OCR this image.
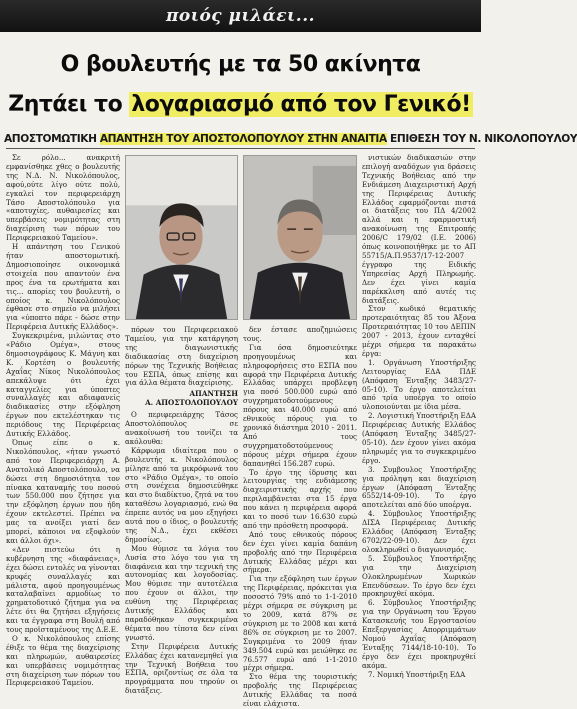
ποιός μιλάει...
Ο βουλευτής με τα 50 ακίνητα
Ζητάει το λογαριασμό από τον Γενικό!
ΑΠΟΣΤΟΜΩΤΙΚΗ ΑΠΑΝΤΗΣΗ ΤΟΥ ΑΠΟΣΤΟΛΟΠΟΥΛΟΥ ΣΤΗΝ ΑΝΑΙΤΙΑ ΕΠΙΘΕΣΗ ΤΟΥ Ν. ΝΙΚΟΛΟΠΟΥΛΟΥ

Σε ρόλο... ανακριτή εμφανίσθηκε χθες ο βουλευτής της Ν.Δ. Ν. Νικολόπουλος, αφού,ούτε λίγο ούτε πολύ, εγκαλεί τον περιφερειάρχη Τάσο Αποστολόπουλο για «αποτυχίες, αυθαιρεσίες και υπερβάσεις νομιμότητας στη διαχείριση των πόρων του Περιφερειακού Ταμείου».

Η απάντηση του Γενικού ήταν αποστομωτική. Δημοσιοποίησε οικονομικά στοιχεία που απαντούν ένα προς ένα τα ερωτήματα και τις... απορίες του βουλευτή, ο οποίος κ. Νικολόπουλος έφθασε στο σημείο να μιλήσει για «ύποπτο πάρε - δώσε στην Περιφέρεια Δυτικής Ελλάδος».

Συγκεκριμένα, μιλώντας στο «Ράδιο Ομέγα», στους δημοσιογράφους Κ. Μάγνη και Κ. Κορτέση ο βουλευτής Αχαΐας Νίκος Νικολόπουλος απεκάλυψε ότι έχει καταγγελίες για ύποπτες συναλλαγές και αδιαφανείς διαδικασίες στην εξόφληση έργων που εκτελέστηκαν τις περιόδους της Περιφέρειας Δυτικής Ελλάδος.

Όπως είπε ο κ. Νικολόπουλος, «ήταν γνωστό από τον Περιφερειάρχη Α. Ανατολικό Αποστολόπουλο, να δώσει στη δημοσιότητα τον πίνακα καταναμής του ποσού των 550.000 που ζήτησε για την εξόφληση έργων που ήδη έχουν εκτελεστεί. Πρέπει να μας τα ανοίξει γιατί δεν μπορεί, κάποιοι να εξοφλούν και άλλοι όχι».

«Δεν πιστεύω ότι η κυβέρνηση της «διαφάνειας», έχει δώσει εντολές να γίνονται κρυφές συναλλαγές και μάλιστα, αφού προηγουμένως καταλαβαίνει αρμοδίως το χρηματοδοτικό ζήτημα για να λέτε ότι θα ζητήσει εξηγήσεις και τα έγγραφα στη Βουλή από τους προϊσταμένους της Δ.Ε.Ε.

Ο κ. Νικολόπουλος επίσης έθιξε το θέμα της διαχείρισης και πληρωμών, αυθαιρεσίες και υπερβάσεις νομιμότητας στη διαχείριση των πόρων του Περιφερειακού Ταμείου.

πόρων του Περιφερειακού Ταμείου, για την κατάργηση της διαγωνιστικής διαδικασίας στη διαχείριση πόρων της Τεχνικής Βοήθειας του ΕΣΠΑ, όπως επίσης και για άλλα θέματα διαχείρισης.

ΑΠΑΝΤΗΣΗ
Α. ΑΠΟΣΤΟΛΟΠΟΥΛΟΥ

Ο περιφερειάρχης Τάσος Αποστολόπουλος σε ανακοίνωσή του τονίζει τα ακόλουθα:

Κάρφωμα ιδιαίτερα που ο βουλευτής κ. Νικολόπουλος μίλησε από τα μικρόφωνά του στο «Ράδιο Ομέγα», το οποίο στη συνέχεια δημοσιεύθηκε και στο διαδίκτυο, ζητά να του καταθέσω λογαριασμό, ενώ θα έπρεπε αυτός να μου εξηγήσει αυτά που ο ίδιος, ο βουλευτής της Ν.Δ., έχει εκθέσει δημοσίως.

Μου θύμισε τα λόγια του Λυσία στο λόγο του για τη διαφάνεια και την τεχνική της αυτονομίας και λογοδοσίας. Μου θύμισε την αυτοτέλεια που έχουν οι άλλοι, την ευθύνη της Περιφέρειας Δυτικής Ελλάδος και παραδόθηκαν συγκεκριμένα θέματα που τίποτα δεν είναι γνωστό.

Στην Περιφέρεια Δυτικής Ελλάδας έχει κατανεμηθεί για την Τεχνική Βοήθεια του ΕΣΠΑ, οριζοντίως σε όλα τα προγράμματα που τηρούν οι διατάξεις.

δεν έστασε αποζημιώσεις τους.

Για όσα δημοσιεύτηκε προηγουμένως και πληροφορήσεις στο ΕΣΠΑ που αφορά την Περιφέρεια Δυτικής Ελλάδας υπάρχει προβλεψη για ποσό 500.000 ευρώ από συγχρηματοδοτούμενους πόρους και 40.000 ευρώ από εθνικούς πόρους για το χρονικό διάστημα 2010 - 2011. Από τους συγχρηματοδοτούμενους πόρους μέχρι σήμερα έχουν δαπανηθεί 156.287 ευρώ.

Το έργο της ίδρυσης και λειτουργίας της ενδιάμεσης διαχειριστικής αρχής που περιλαμβάνεται στα 15 έργα που κάνει η περιφέρεια αφορά και το ποσό των 16.630 ευρώ από την πρόσθετη προσφορά.

Από τους εθνικούς πόρους δεν έχει γίνει καμία δαπάνη προβολής από την Περιφέρεια Δυτικής Ελλάδας μέχρι και σήμερα.

Για την εξόφληση των έργων της Περιφέρειας, πρόκειται για ποσοστό 79% από το 1-1-2010 μέχρι σήμερα σε σύγκριση με το 2009, κατά 87% σε σύγκριση με το 2008 και κατά 86% σε σύγκριση με το 2007. Συγκριμένα το 2009 ήταν 349.504 ευρώ και μειώθηκε σε 76.577 ευρώ από 1-1-2010 μέχρι σήμερα.

Στο θέμα της τουριστικής προβολής της Περιφέρειας Δυτικής Ελλάδας τα ποσά είναι ελάχιστα.

νιστικών διαδικασιών στην επιλογή αναδόχων για δράσεις Τεχνικής Βοήθειας από την Ενδιάμεση Διαχειριστική Αρχή της Περιφέρειας Δυτικής Ελλάδος εφαρμόζονται πιστά οι διατάξεις του ΠΔ 4/2002 αλλά και η εφαρμοστική ανακοίνωση της Επιτροπής 2006/C 179/02 (Ι.Ε. 2006) όπως κοινοποιήθηκε με το ΑΠ 55715/Α.Π.9537/17-12-2007 έγγραφο της Ειδικής Υπηρεσίας Αρχή Πληρωμής. Δεν έχει γίνει καμία παρέκκλιση από αυτές τις διατάξεις.

Στον κωδικό θεματικής προτεραιότητας 85 του Άξονα Προτεραιότητας 10 του ΔΕΠΙΝ 2007 - 2013, έχουν ενταχθεί μέχρι σήμερα τα παρακάτω έργα:

1. Οργάνωση Υποστήριξης Λειτουργίας ΕΔΑ ΠΔΕ (Απόφαση Ένταξης 3483/27-05-10). Το έργο αποτελείται από τρία υποέργα το οποίο υλοποιούνται με ίδια μέσα.

2. Λογιστική Υποστήριξη ΕΔΑ Περιφέρειας Δυτικής Ελλάδος (Απόφαση Ένταξης 3485/27-05-10). Δεν έχουν γίνει ακόμα πληρωμές για το συγκεκριμένο έργο.

3. Συμβουλος Υποστήριξης για πρόληψη και διαχείριση έργων (Απόφαση Ένταξης 6552/14-09-10). Το έργο αποτελείται από δύο υποέργα.

4. Σύμβουλος Υποστήριξης ΔΙΣΑ Περιφέρειας Δυτικής Ελλάδος (Απόφαση Ένταξης 6702/22-09-10). Δεν έχει ολοκληρωθεί ο διαγωνισμός.

5. Σύμβουλος Υποστήριξης για την Διαχείριση Ολοκληρωμένων Χωρικών Επενδύσεων. Το έργο δεν έχει προκηρυχθεί ακόμα.

6. Σύμβουλος Υποστήριξης για την Οργάνωση του Έργου Κατασκευής του Εργοστασίου Επεξεργασίας Απορριμμάτων Νομού Αχαΐας (Απόφαση Ένταξης 7144/18-10-10). Το έργο δεν έχει προκηρυχθεί ακόμα.

7. Νομική Υποστήριξη ΕΔΑ
